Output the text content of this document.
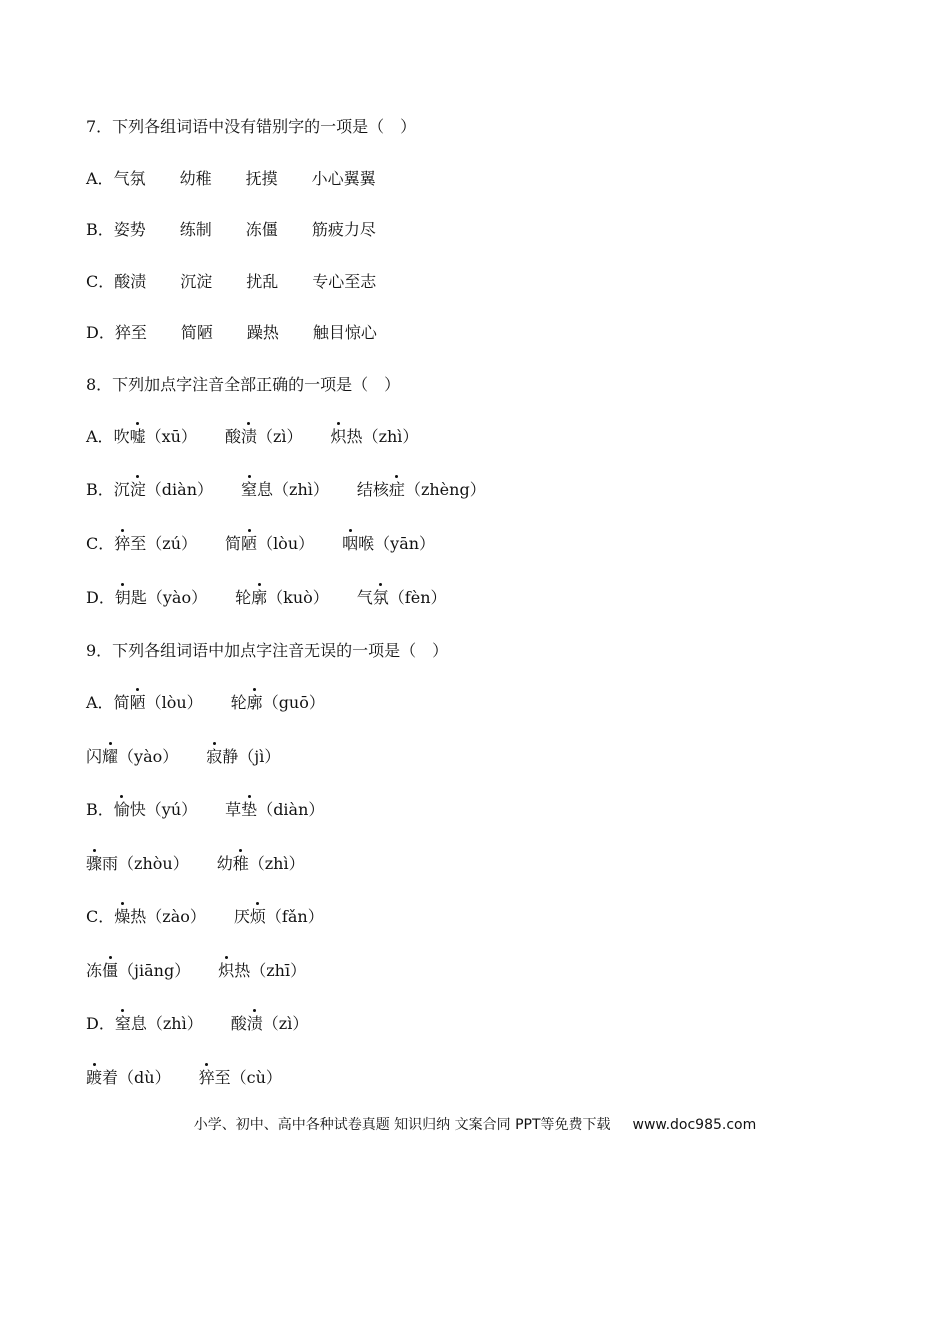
7．下列各组词语中没有错别字的一项是（　）
A．气氛 幼稚 抚摸 小心翼翼
B．姿势 练制 冻僵 筋疲力尽
C．酸渍 沉淀 扰乱 专心至志
D．猝至 简陋 躁热 触目惊心
8．下列加点字注音全部正确的一项是（　）
A．吹嘘（xū） 酸渍（zì） 炽热（zhì）
B．沉淀（diàn） 窒息（zhì） 结核症（zhèng）
C．猝至（zú） 简陋（lòu） 咽喉（yān）
D．钥匙（yào） 轮廓（kuò） 气氛（fèn）
9．下列各组词语中加点字注音无误的一项是（　）
A．简陋（lòu） 轮廓（guō）
闪耀（yào） 寂静（jì）
B．愉快（yú） 草垫（diàn）
骤雨（zhòu） 幼稚（zhì）
C．燥热（zào） 厌烦（fǎn）
冻僵（jiāng） 炽热（zhī）
D．窒息（zhì） 酸渍（zì）
踱着（dù） 猝至（cù）
小学、初中、高中各种试卷真题 知识归纳 文案合同 PPT等免费下载 www.doc985.com
